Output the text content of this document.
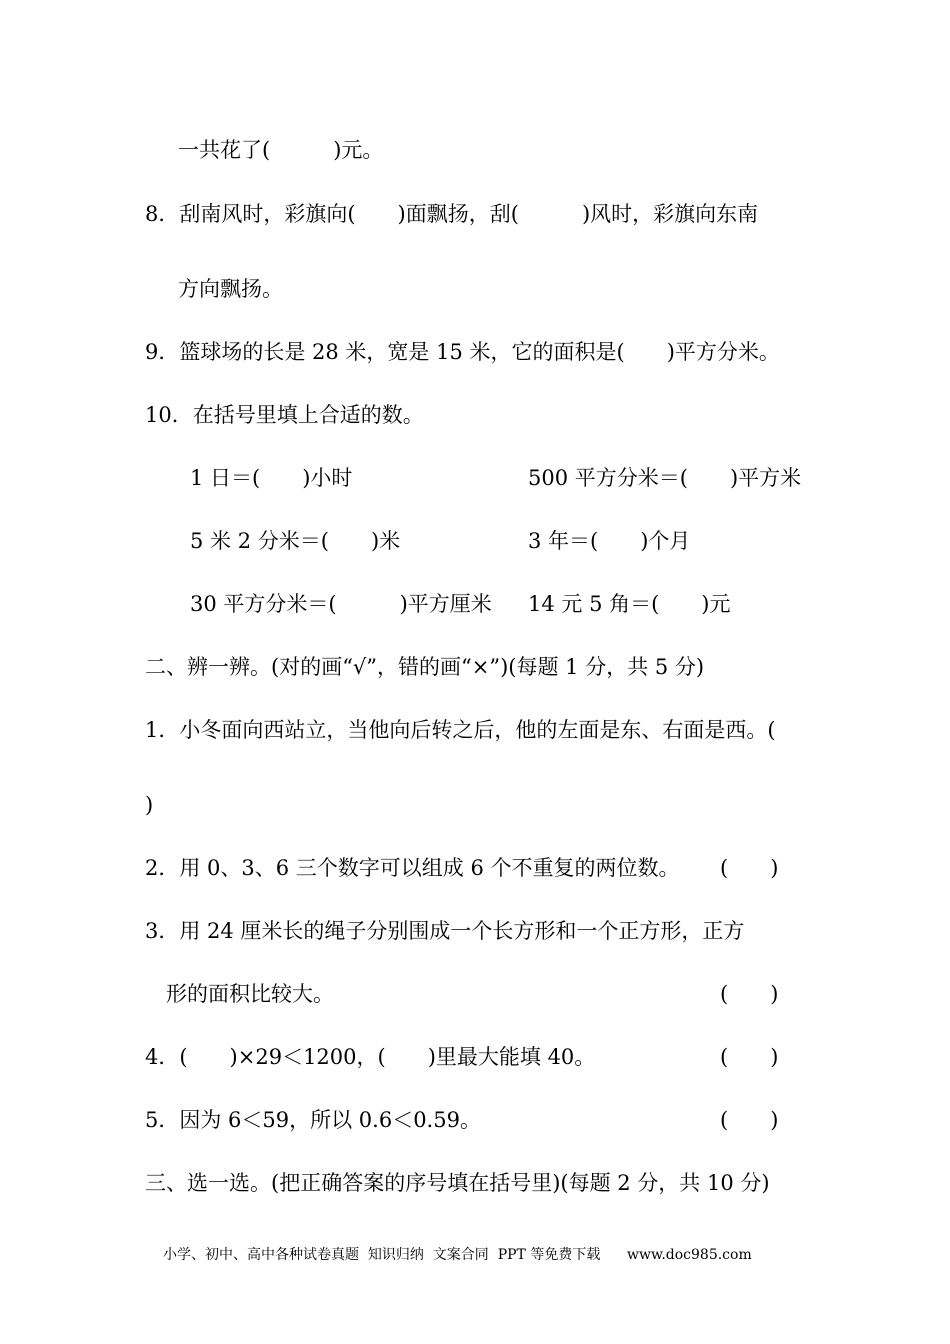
一共花了(　　　)元。
8．刮南风时，彩旗向(　　)面飘扬，刮(　　　)风时，彩旗向东南
方向飘扬。
9．篮球场的长是 28 米，宽是 15 米，它的面积是(　　)平方分米。
10．在括号里填上合适的数。
1 日＝(　　)小时	500 平方分米＝(　　)平方米
5 米 2 分米＝(　　)米	3 年＝(　　)个月
30 平方分米＝(　　　)平方厘米 14 元 5 角＝(　　)元
二、辨一辨。(对的画“√”，错的画“×”)(每题 1 分，共 5 分)
1．小冬面向西站立，当他向后转之后，他的左面是东、右面是西。(
)
2．用 0、3、6 三个数字可以组成 6 个不重复的两位数。 (　　)
3．用 24 厘米长的绳子分别围成一个长方形和一个正方形，正方
形的面积比较大。	(　　)
4．(　　)×29＜1200，(　　)里最大能填 40。	(　　)
5．因为 6＜59，所以 0.6＜0.59。	(　　)
三、选一选。(把正确答案的序号填在括号里)(每题 2 分，共 10 分)
小学、初中、高中各种试卷真题  知识归纳  文案合同  PPT 等免费下载      www.doc985.com
